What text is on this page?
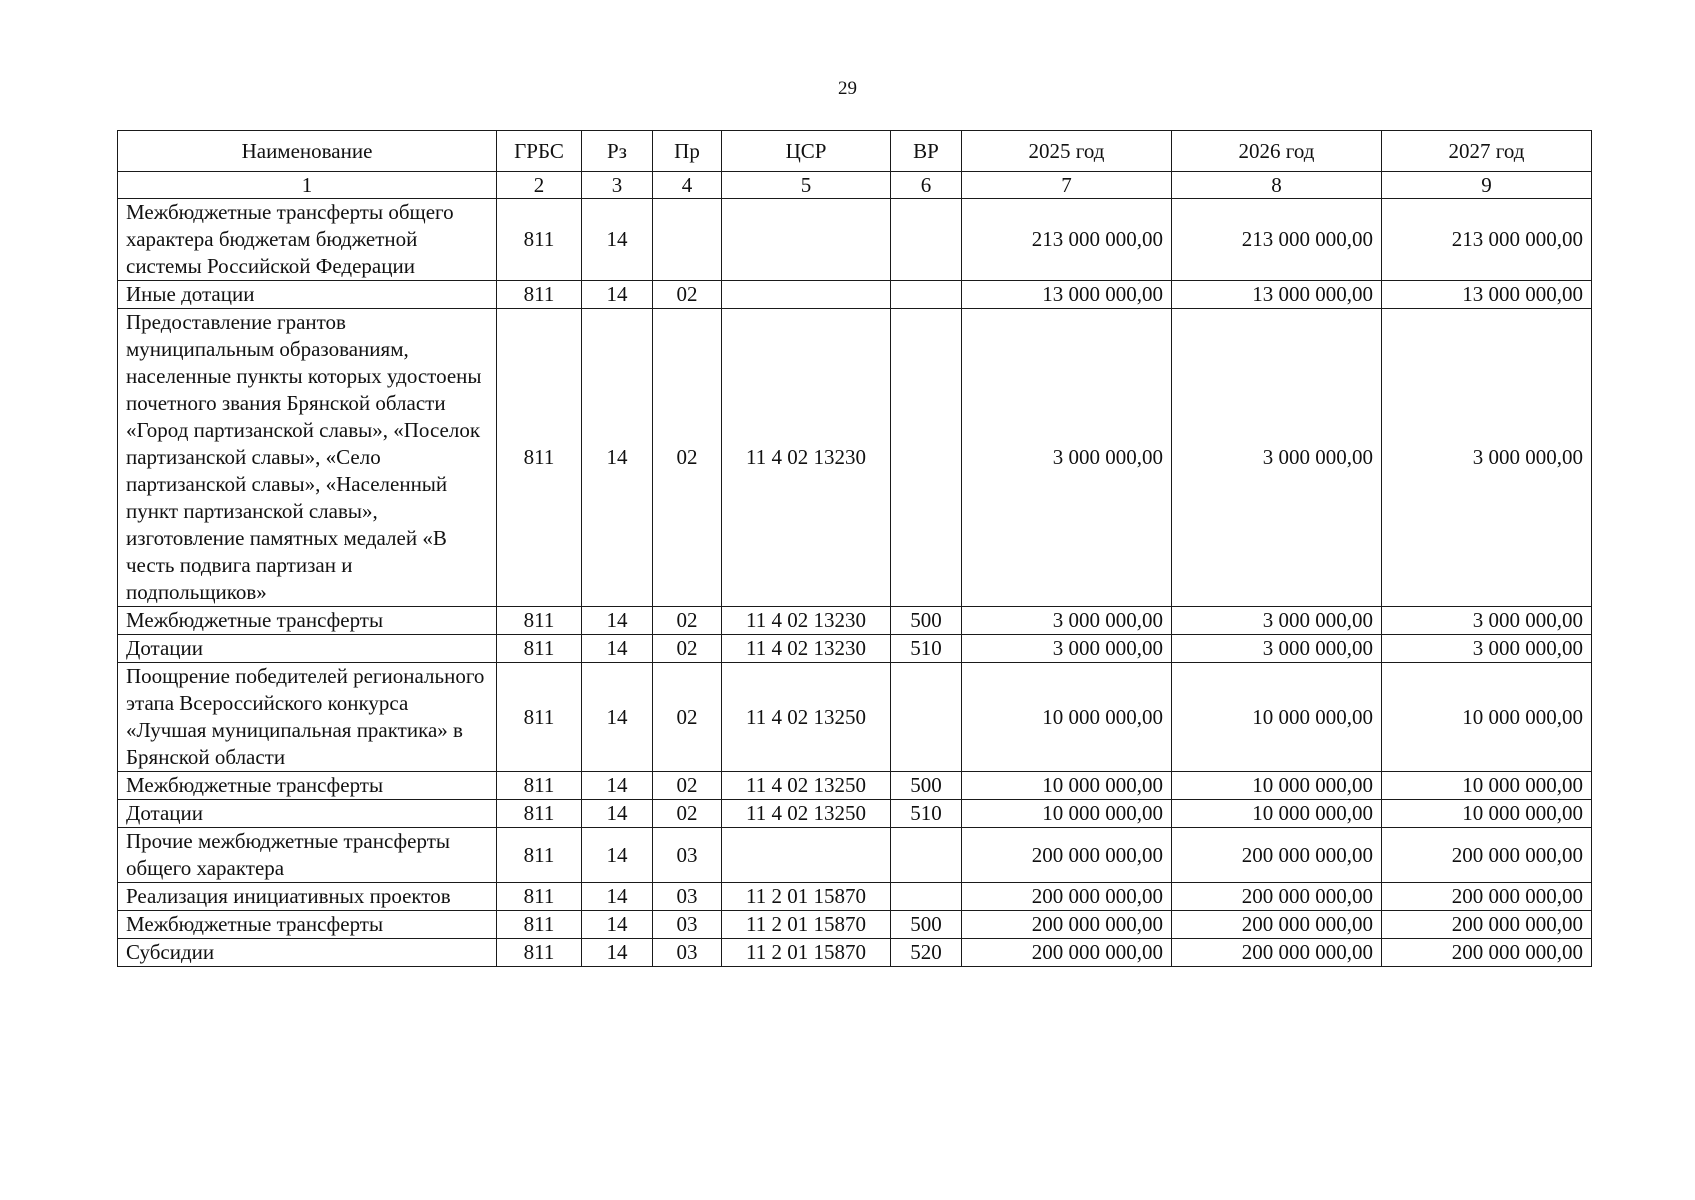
29
Наименование	ГРБС	Рз	Пр	ЦСР	ВР	2025 год	2026 год	2027 год
1	2	3	4	5	6	7	8	9
Межбюджетные трансферты общего характера бюджетам бюджетной системы Российской Федерации	811	14				213 000 000,00	213 000 000,00	213 000 000,00
Иные дотации	811	14	02			13 000 000,00	13 000 000,00	13 000 000,00
Предоставление грантов муниципальным образованиям, населенные пункты которых удостоены почетного звания Брянской области «Город партизанской славы», «Поселок партизанской славы», «Село партизанской славы», «Населенный пункт партизанской славы», изготовление памятных медалей «В честь подвига партизан и подпольщиков»	811	14	02	11 4 02 13230		3 000 000,00	3 000 000,00	3 000 000,00
Межбюджетные трансферты	811	14	02	11 4 02 13230	500	3 000 000,00	3 000 000,00	3 000 000,00
Дотации	811	14	02	11 4 02 13230	510	3 000 000,00	3 000 000,00	3 000 000,00
Поощрение победителей регионального этапа Всероссийского конкурса «Лучшая муниципальная практика» в Брянской области	811	14	02	11 4 02 13250		10 000 000,00	10 000 000,00	10 000 000,00
Межбюджетные трансферты	811	14	02	11 4 02 13250	500	10 000 000,00	10 000 000,00	10 000 000,00
Дотации	811	14	02	11 4 02 13250	510	10 000 000,00	10 000 000,00	10 000 000,00
Прочие межбюджетные трансферты общего характера	811	14	03			200 000 000,00	200 000 000,00	200 000 000,00
Реализация инициативных проектов	811	14	03	11 2 01 15870		200 000 000,00	200 000 000,00	200 000 000,00
Межбюджетные трансферты	811	14	03	11 2 01 15870	500	200 000 000,00	200 000 000,00	200 000 000,00
Субсидии	811	14	03	11 2 01 15870	520	200 000 000,00	200 000 000,00	200 000 000,00
